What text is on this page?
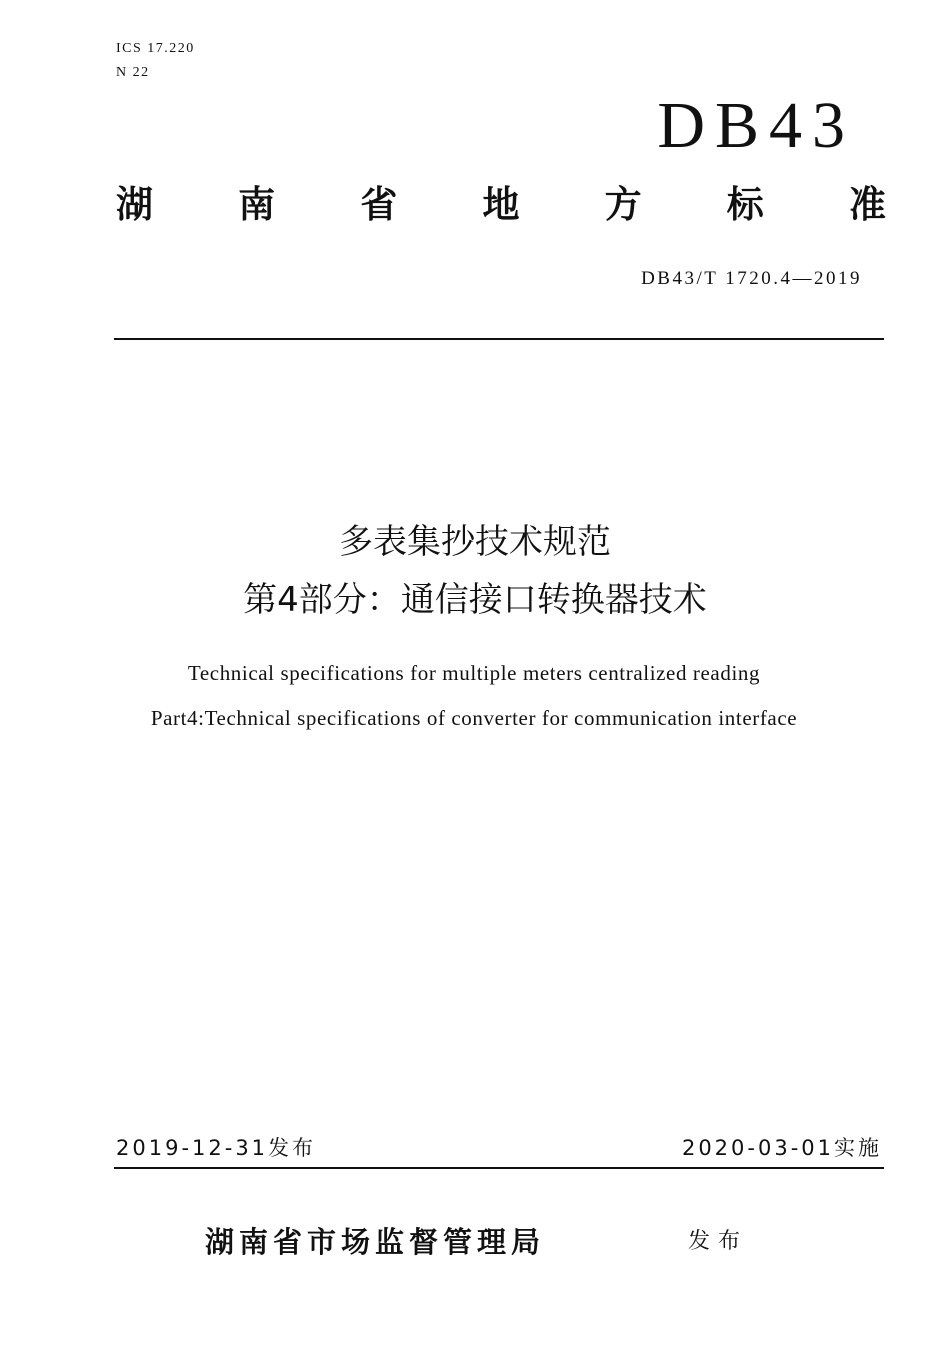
ICS 17.220
N 22
DB43
湖 南 省 地 方 标 准
DB43/T 1720.4—2019
多表集抄技术规范
第4部分：通信接口转换器技术
Technical specifications for multiple meters centralized reading
Part4:Technical specifications of converter for communication interface
2019-12-31发布	2020-03-01实施
湖南省市场监督管理局	发布
